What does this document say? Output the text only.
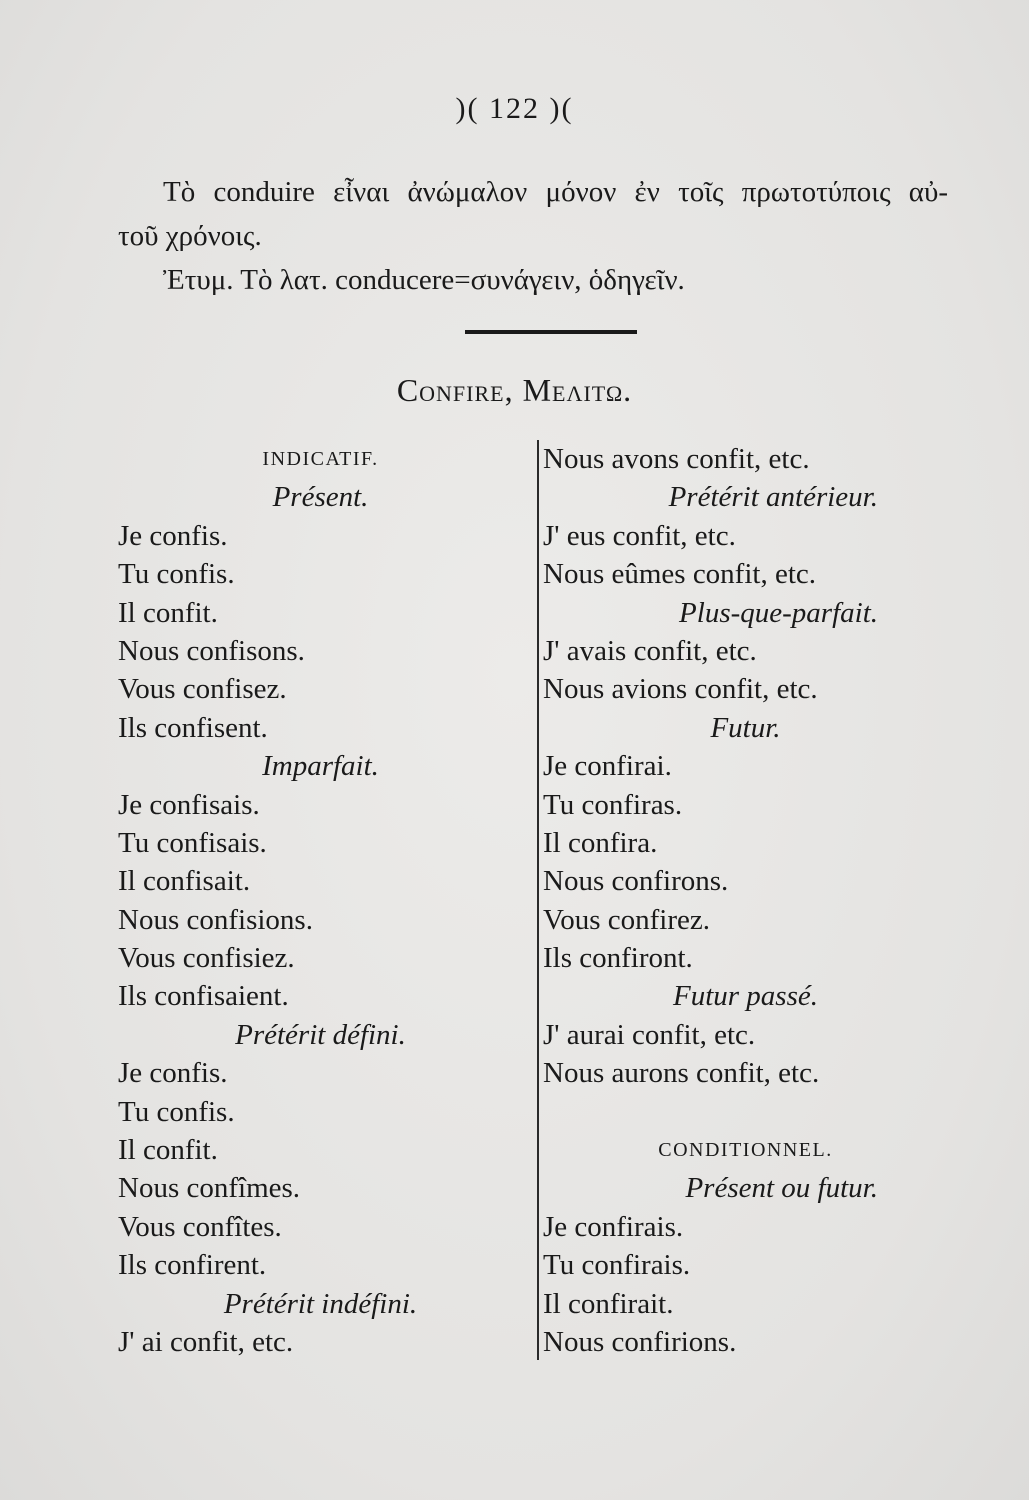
)( 122 )(

Τὸ conduire εἶναι ἀνώμαλον μόνον ἐν τοῖς πρωτοτύποις αὐ-

τοῦ χρόνοις.

Ἐτυμ. Τὸ λατ. conducere=συνάγειν, ὁδηγεῖν.

Confire, Μελιτω.
INDICATIF.
Présent.
Je confis.
Tu confis.
Il confit.
Nous confisons.
Vous confisez.
Ils confisent.
Imparfait.
Je confisais.
Tu confisais.
Il confisait.
Nous confisions.
Vous confisiez.
Ils confisaient.
Prétérit défini.
Je confis.
Tu confis.
Il confit.
Nous confîmes.
Vous confîtes.
Ils confirent.
Prétérit indéfini.
J' ai confit, etc.
Nous avons confit, etc.
Prétérit antérieur.
J' eus confit, etc.
Nous eûmes confit, etc.
Plus-que-parfait.
J' avais confit, etc.
Nous avions confit, etc.
Futur.
Je confirai.
Tu confiras.
Il confira.
Nous confirons.
Vous confirez.
Ils confiront.
Futur passé.
J' aurai confit, etc.
Nous aurons confit, etc.
CONDITIONNEL.
Présent ou futur.
Je confirais.
Tu confirais.
Il confirait.
Nous confirions.
